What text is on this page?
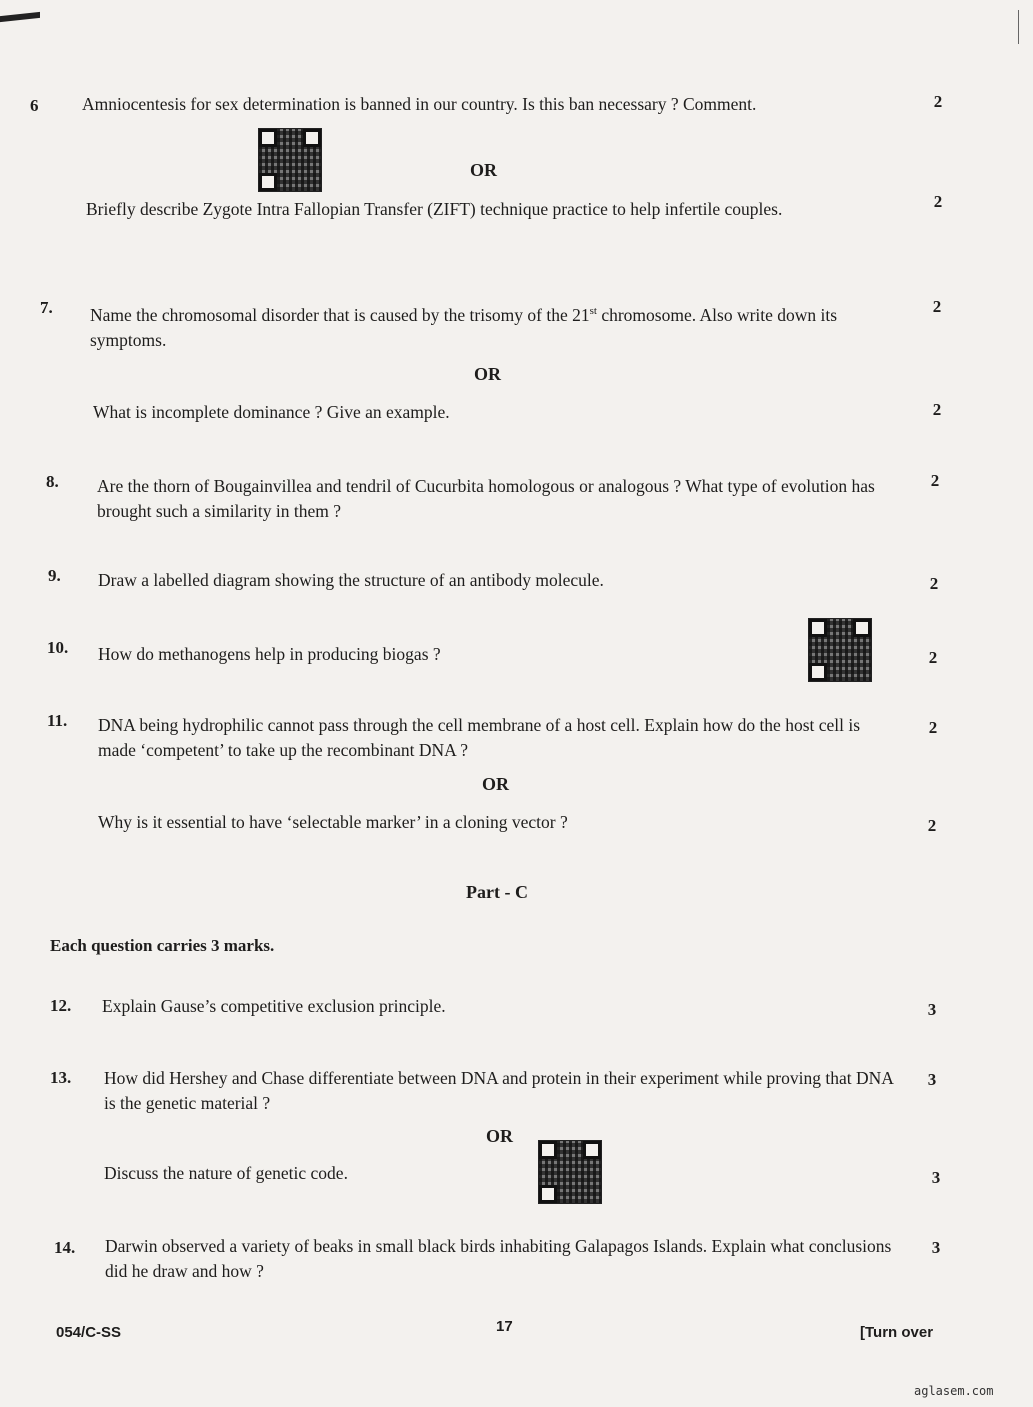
6 Amniocentesis for sex determination is banned in our country. Is this ban necessary ? Comment.	2
OR
Briefly describe Zygote Intra Fallopian Transfer (ZIFT) technique practice to help infertile couples.	2
7. Name the chromosomal disorder that is caused by the trisomy of the 21st chromosome. Also write down its symptoms.
2
OR
What is incomplete dominance ? Give an example.	2
8. Are the thorn of Bougainvillea and tendril of Cucurbita homologous or analogous ? What type of evolution has brought such a similarity in them ?
2
9. Draw a labelled diagram showing the structure of an antibody molecule.	2
10. How do methanogens help in producing biogas ?	2
11. DNA being hydrophilic cannot pass through the cell membrane of a host cell. Explain how do the host cell is made ‘competent’ to take up the recombinant DNA ?
2
OR
Why is it essential to have ‘selectable marker’ in a cloning vector ?	2
Part - C
Each question carries 3 marks.
12. Explain Gause’s competitive exclusion principle.	3
13. How did Hershey and Chase differentiate between DNA and protein in their experiment while proving that DNA is the genetic material ?
3
OR
Discuss the nature of genetic code.	3
14. Darwin observed a variety of beaks in small black birds inhabiting Galapagos Islands. Explain what conclusions did he draw and how ?
3
054/C-SS	17	[Turn over
aglasem.com
